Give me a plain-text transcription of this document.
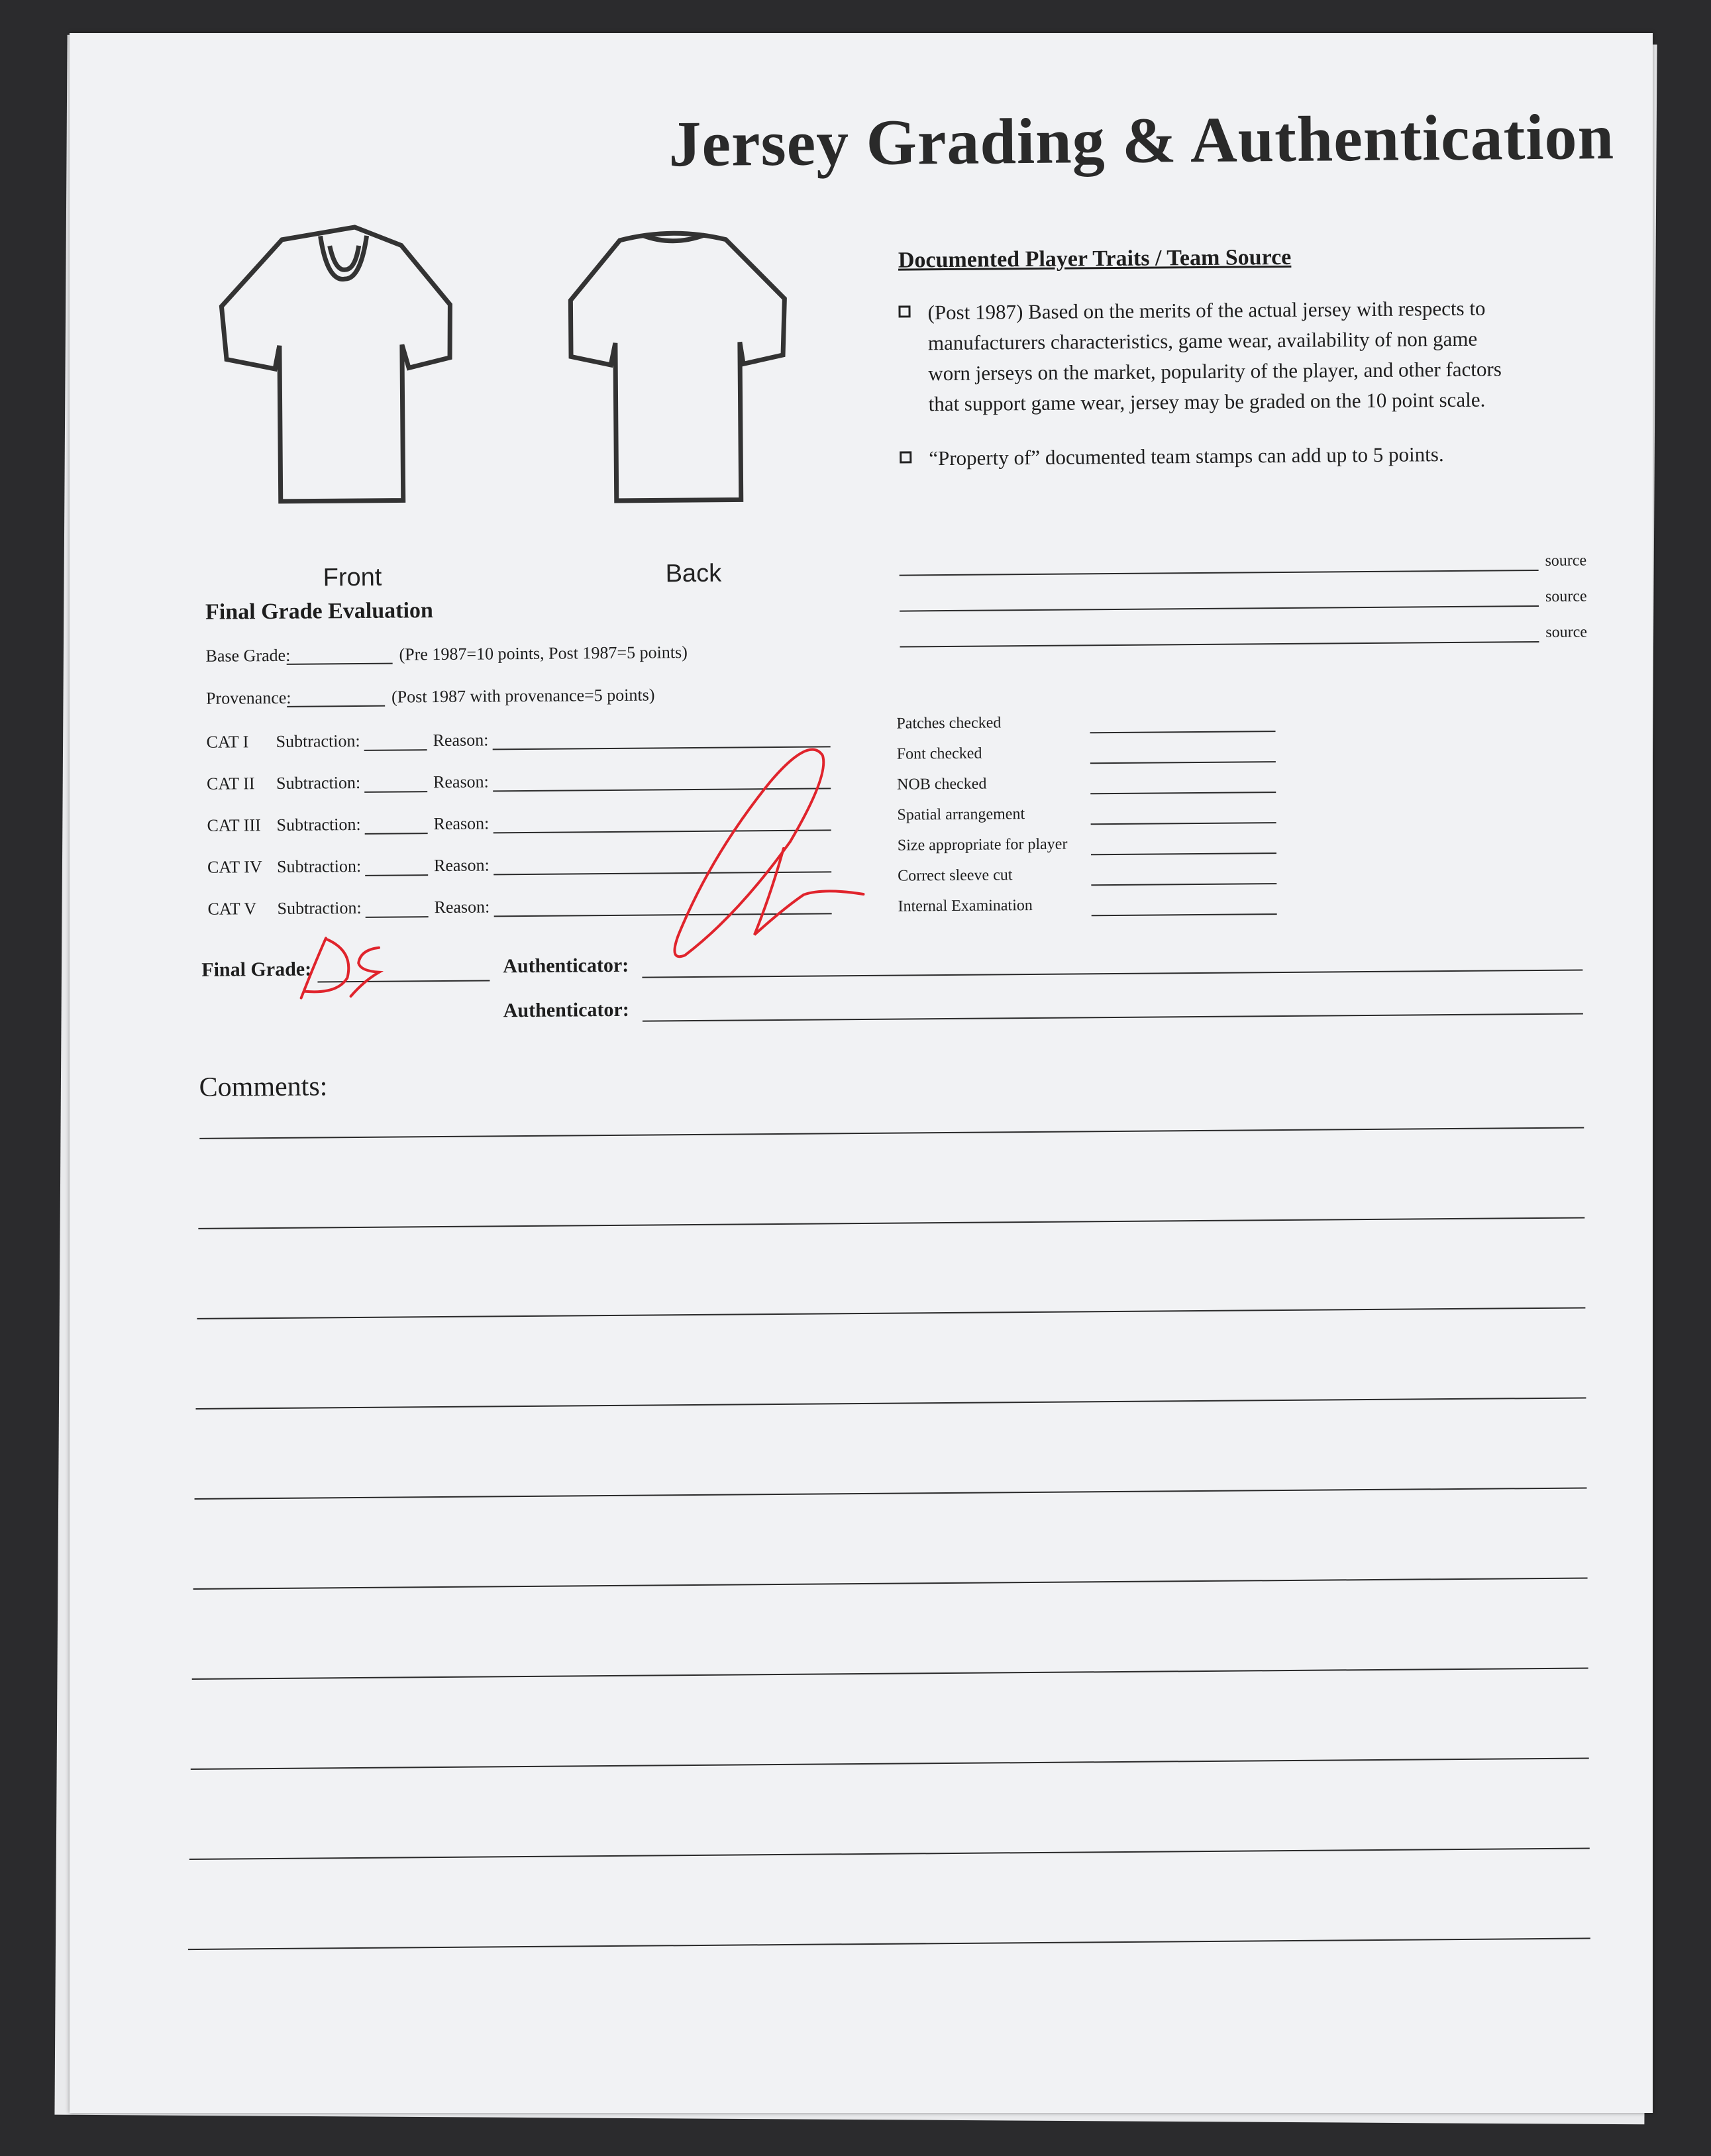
Jersey Grading & Authentication
Front	Back
Documented Player Traits / Team Source
(Post 1987) Based on the merits of the actual jersey with respects to
manufacturers characteristics, game wear, availability of non game
worn jerseys on the market, popularity of the player, and other factors
that support game wear, jersey may be graded on the 10 point scale.
“Property of” documented team stamps can add up to 5 points.
source
source
source
Final Grade Evaluation
Base Grade:	(Pre 1987=10 points, Post 1987=5 points)
Provenance:	(Post 1987 with provenance=5 points)
CAT I Subtraction:	Reason:
CAT II Subtraction:	Reason:
CAT III Subtraction:	Reason:
CAT IV Subtraction:	Reason:
CAT V Subtraction:	Reason:
Patches checked
Font checked
NOB checked
Spatial arrangement
Size appropriate for player
Correct sleeve cut
Internal Examination
Final Grade:	Authenticator:
Authenticator:
Comments:
